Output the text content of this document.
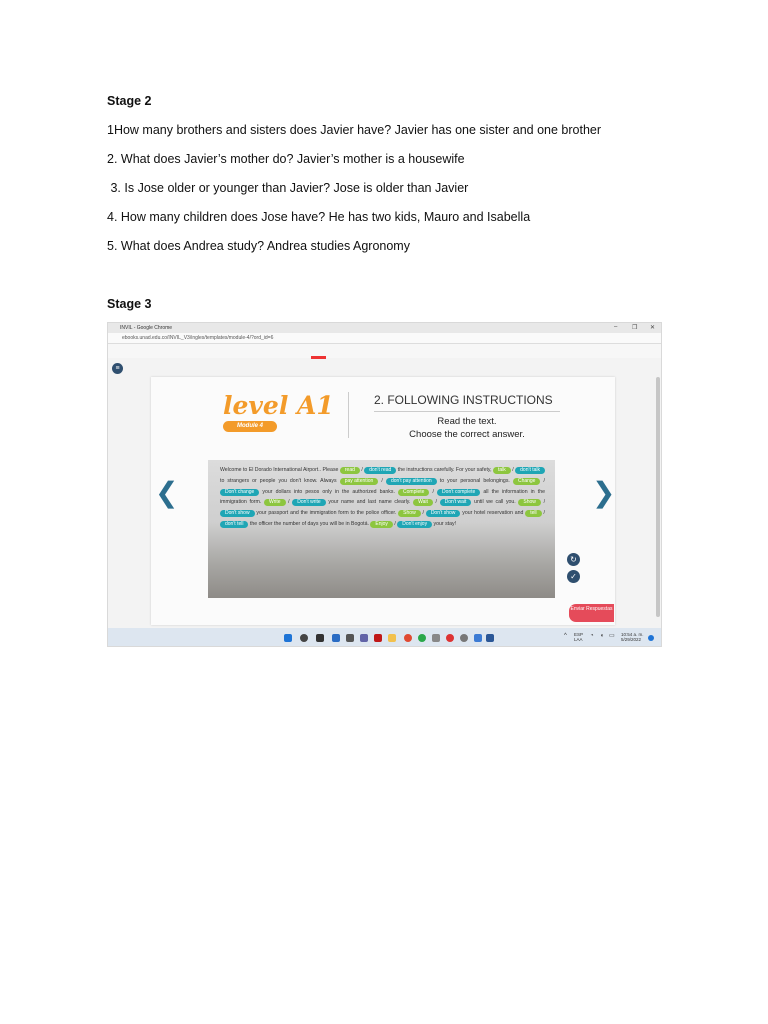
Stage 2
1How many brothers and sisters does Javier have? Javier has one sister and one brother
2. What does Javier’s mother do? Javier’s mother is a housewife
3. Is Jose older or younger than Javier? Jose is older than Javier
4. How many children does Jose have? He has two kids, Mauro and Isabella
5. What does Andrea study? Andrea studies Agronomy
Stage 3
INVIL - Google Chrome	– ❐ ✕
ebooks.unad.edu.co/INVIL_V3/ingles/templates/module-4/?ord_id=6
≡
level A1
Module 4
2. FOLLOWING INSTRUCTIONS
Read the text.
Choose the correct answer.
Welcome to El Dorado International Airport.. Please read / don't read the instructions carefully. For your safety, talk / don't talk to strangers or people you don't know. Always pay attention / don't pay attention to your personal belongings. Change / Don't change your dollars into pesos only in the authorized banks. Complete / Don't complete all the information in the immigration form. Write / Don't write your name and last name clearly. Wait / Don't wait until we call you. Show / Don't show your passport and the immigration form to the police officer. Show / Don't show your hotel reservation and tell / don't tell the officer the number of days you will be in Bogotá. Enjoy / Don't enjoy your stay!
❮	❯
↻
✓
Enviar Respuestas
^ ESP
LAA
◔ ◖ ▭ 10:54 a. m.
5/29/2022
